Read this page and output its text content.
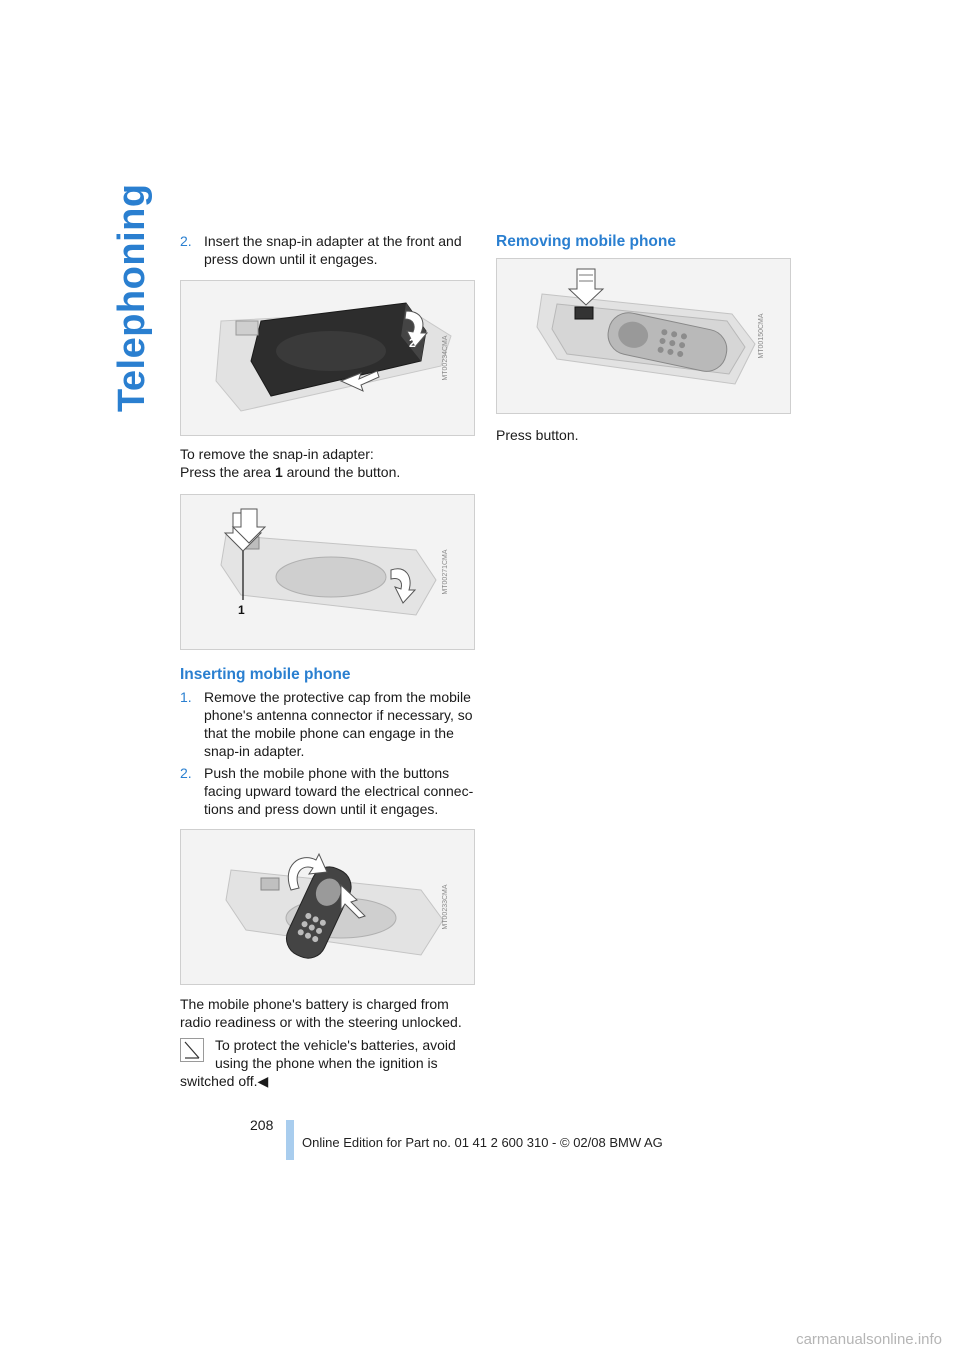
Telephoning 2. Insert the snap-in adapter at the front and
press down until it engages.
2	MT00234CMA
To remove the snap-in adapter:
Press the area 1 around the button.
1
MT00271CMA
Inserting mobile phone
1. Remove the protective cap from the mobile
phone's antenna connector if necessary, so
that the mobile phone can engage in the
snap-in adapter.
2. Push the mobile phone with the buttons
facing upward toward the electrical connec-
tions and press down until it engages.
MT00233CMA
The mobile phone's battery is charged from
radio readiness or with the steering unlocked.
To protect the vehicle's batteries, avoid
using the phone when the ignition is
switched off.◀
Removing mobile phone
MT00150CMA
Press button.
208
Online Edition for Part no. 01 41 2 600 310 - © 02/08 BMW AG
carmanualsonline.info
